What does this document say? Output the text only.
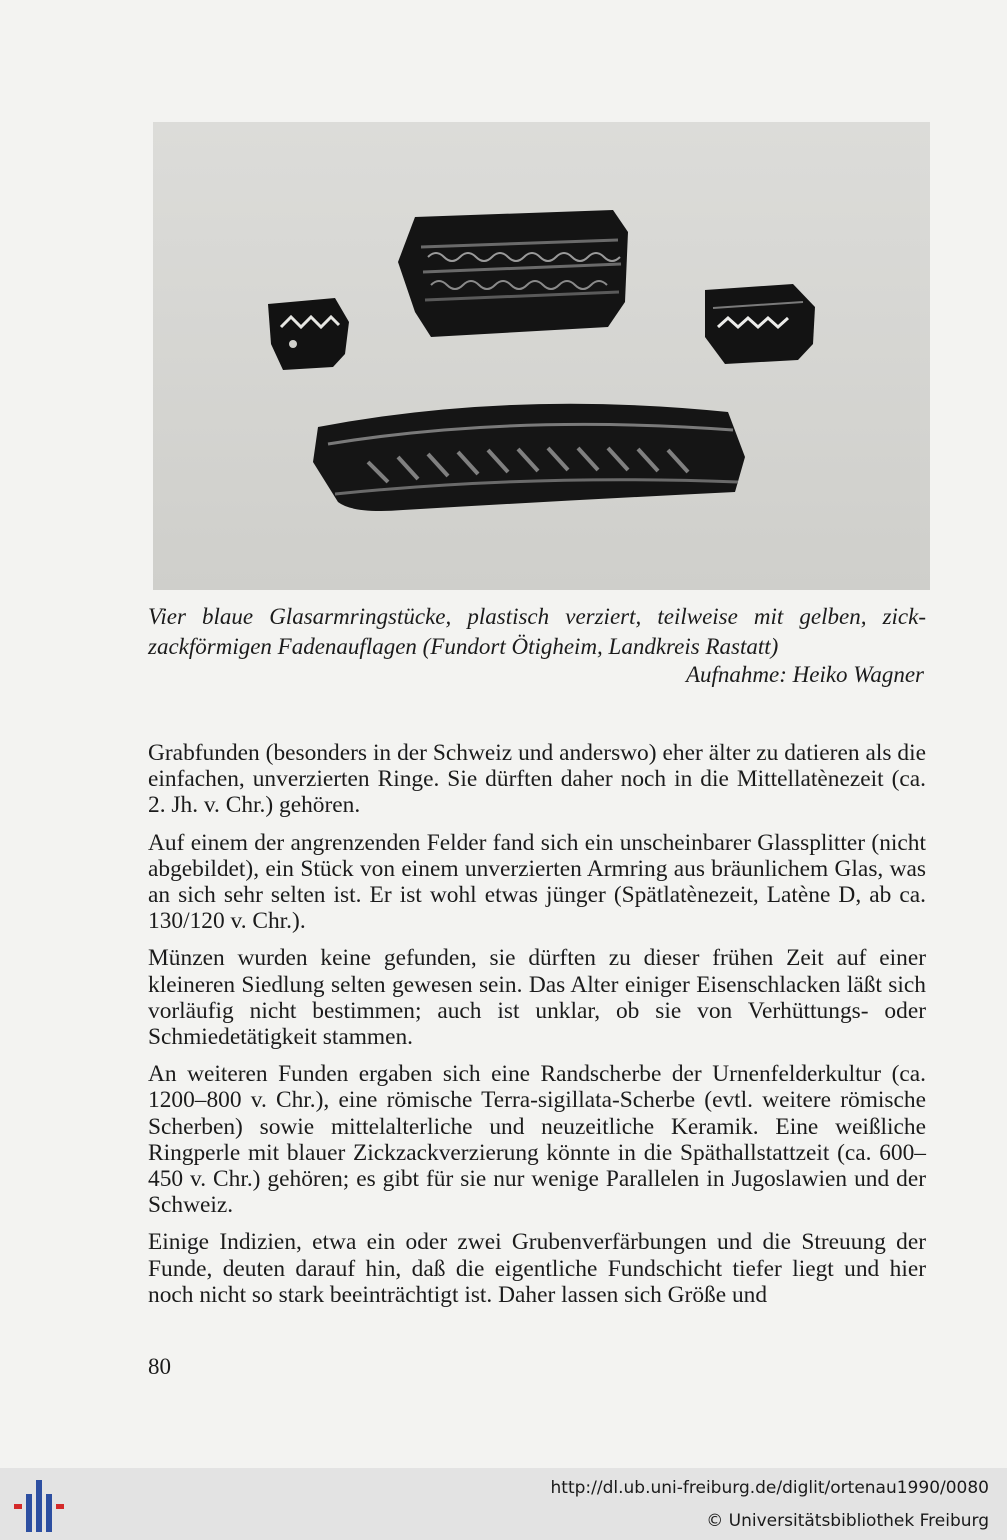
Vier blaue Glasarmringstücke, plastisch verziert, teilweise mit gelben, zickzackförmigen Fadenauflagen (Fundort Ötigheim, Landkreis Rastatt)
Aufnahme: Heiko Wagner

Grabfunden (besonders in der Schweiz und anderswo) eher älter zu datieren als die einfachen, unverzierten Ringe. Sie dürften daher noch in die Mittellatènezeit (ca. 2. Jh. v. Chr.) gehören.

Auf einem der angrenzenden Felder fand sich ein unscheinbarer Glassplitter (nicht abgebildet), ein Stück von einem unverzierten Armring aus bräunlichem Glas, was an sich sehr selten ist. Er ist wohl etwas jünger (Spätlatènezeit, Latène D, ab ca. 130/120 v. Chr.).

Münzen wurden keine gefunden, sie dürften zu dieser frühen Zeit auf einer kleineren Siedlung selten gewesen sein. Das Alter einiger Eisenschlacken läßt sich vorläufig nicht bestimmen; auch ist unklar, ob sie von Verhüttungs- oder Schmiedetätigkeit stammen.

An weiteren Funden ergaben sich eine Randscherbe der Urnenfelderkultur (ca. 1200–800 v. Chr.), eine römische Terra-sigillata-Scherbe (evtl. weitere römische Scherben) sowie mittelalterliche und neuzeitliche Keramik. Eine weißliche Ringperle mit blauer Zickzackverzierung könnte in die Späthallstattzeit (ca. 600–450 v. Chr.) gehören; es gibt für sie nur wenige Parallelen in Jugoslawien und der Schweiz.

Einige Indizien, etwa ein oder zwei Grubenverfärbungen und die Streuung der Funde, deuten darauf hin, daß die eigentliche Fundschicht tiefer liegt und hier noch nicht so stark beeinträchtigt ist. Daher lassen sich Größe und

80
http://dl.ub.uni-freiburg.de/diglit/ortenau1990/0080
© Universitätsbibliothek Freiburg
